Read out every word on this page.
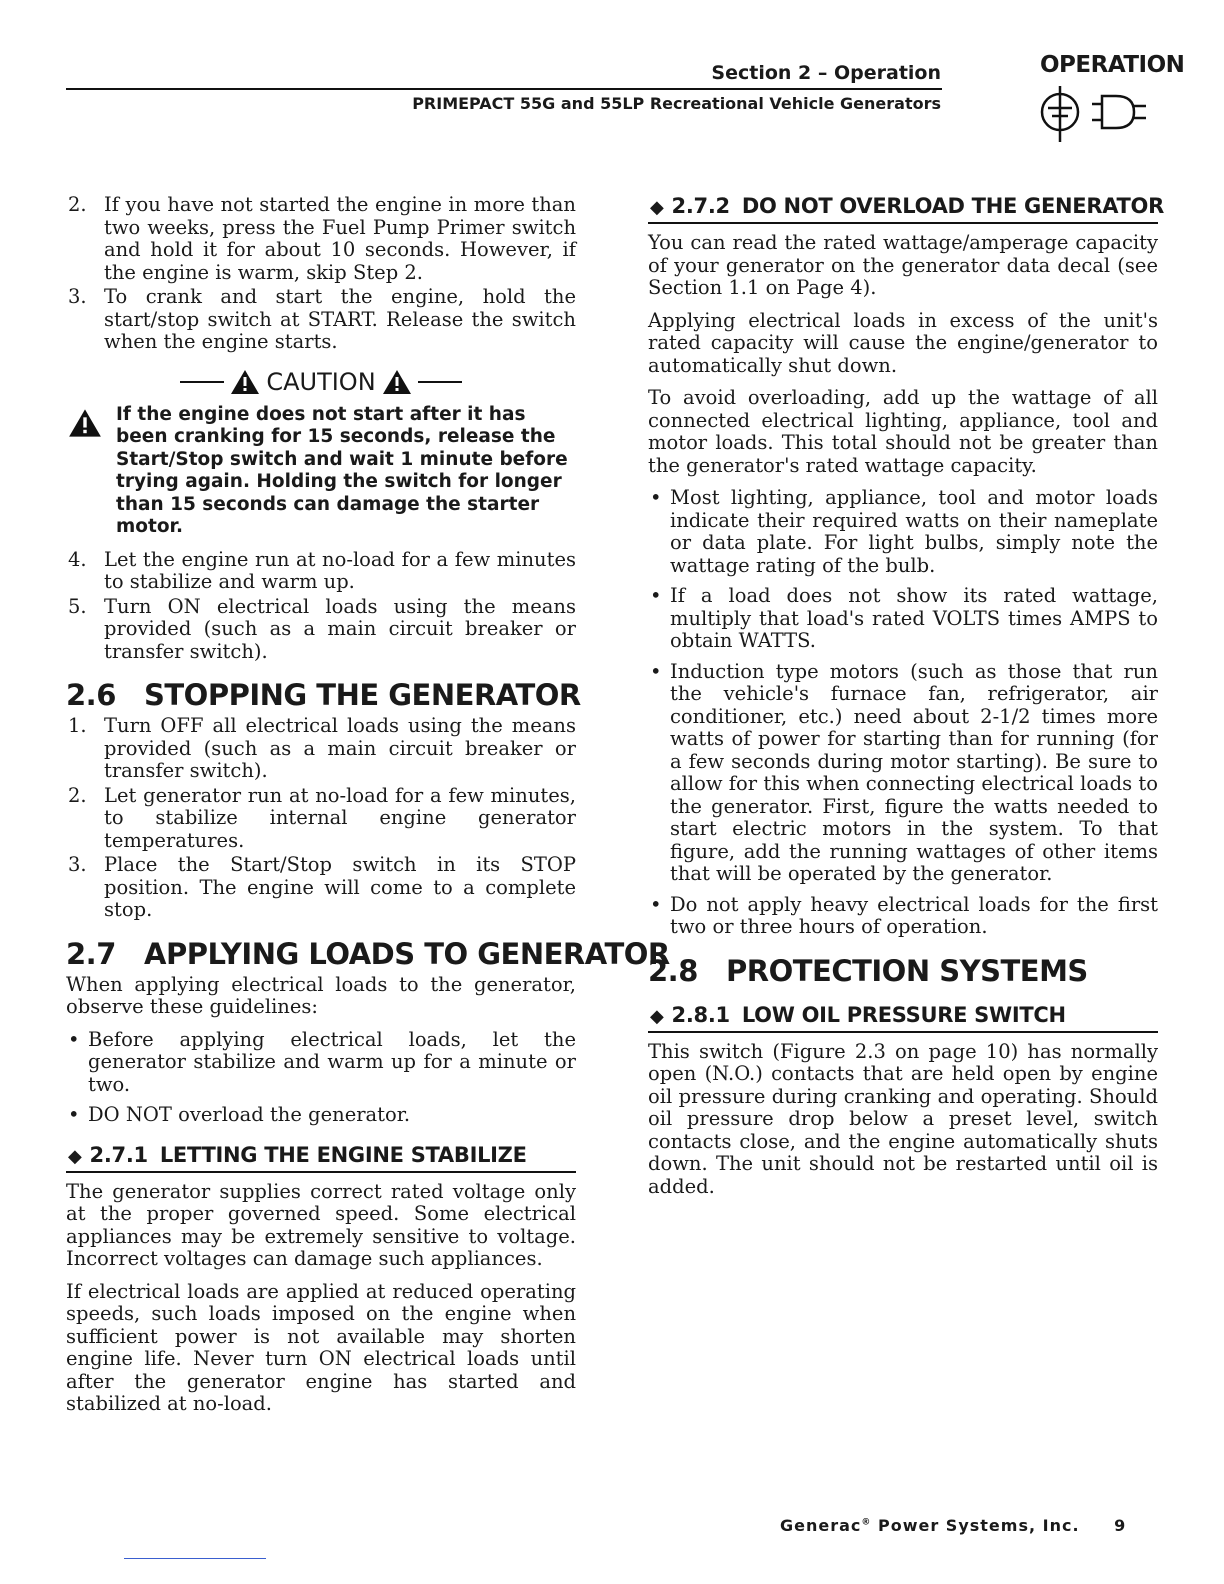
Section 2 – Operation
PRIMEPACT 55G and 55LP Recreational Vehicle Generators
OPERATION
2. If you have not started the engine in more than two weeks, press the Fuel Pump Primer switch and hold it for about 10 seconds. However, if the engine is warm, skip Step 2.
3. To crank and start the engine, hold the start/stop switch at START. Release the switch when the engine starts.
CAUTION
If the engine does not start after it has been cranking for 15 seconds, release the Start/Stop switch and wait 1 minute before trying again. Holding the switch for longer than 15 seconds can damage the starter motor.
4. Let the engine run at no-load for a few minutes to stabilize and warm up.
5. Turn ON electrical loads using the means provided (such as a main circuit breaker or transfer switch).
2.6 STOPPING THE GENERATOR
1. Turn OFF all electrical loads using the means provided (such as a main circuit breaker or transfer switch).
2. Let generator run at no-load for a few minutes, to stabilize internal engine generator temperatures.
3. Place the Start/Stop switch in its STOP position. The engine will come to a complete stop.
2.7 APPLYING LOADS TO GENERATOR

When applying electrical loads to the generator, observe these guidelines:

• Before applying electrical loads, let the generator stabilize and warm up for a minute or two.
• DO NOT overload the generator.
◆ 2.7.1 LETTING THE ENGINE STABILIZE

The generator supplies correct rated voltage only at the proper governed speed. Some electrical appliances may be extremely sensitive to voltage. Incorrect voltages can damage such appliances.

If electrical loads are applied at reduced operating speeds, such loads imposed on the engine when sufficient power is not available may shorten engine life. Never turn ON electrical loads until after the generator engine has started and stabilized at no-load.

◆ 2.7.2 DO NOT OVERLOAD THE GENERATOR

You can read the rated wattage/amperage capacity of your generator on the generator data decal (see Section 1.1 on Page 4).

Applying electrical loads in excess of the unit's rated capacity will cause the engine/generator to automatically shut down.

To avoid overloading, add up the wattage of all connected electrical lighting, appliance, tool and motor loads. This total should not be greater than the generator's rated wattage capacity.

• Most lighting, appliance, tool and motor loads indicate their required watts on their nameplate or data plate. For light bulbs, simply note the wattage rating of the bulb.
• If a load does not show its rated wattage, multiply that load's rated VOLTS times AMPS to obtain WATTS.
• Induction type motors (such as those that run the vehicle's furnace fan, refrigerator, air conditioner, etc.) need about 2-1/2 times more watts of power for starting than for running (for a few seconds during motor starting). Be sure to allow for this when connecting electrical loads to the generator. First, figure the watts needed to start electric motors in the system. To that figure, add the running wattages of other items that will be operated by the generator.
• Do not apply heavy electrical loads for the first two or three hours of operation.
2.8 PROTECTION SYSTEMS
◆ 2.8.1 LOW OIL PRESSURE SWITCH

This switch (Figure 2.3 on page 10) has normally open (N.O.) contacts that are held open by engine oil pressure during cranking and operating. Should oil pressure drop below a preset level, switch contacts close, and the engine automatically shuts down. The unit should not be restarted until oil is added.

Generac® Power Systems, Inc. 9
